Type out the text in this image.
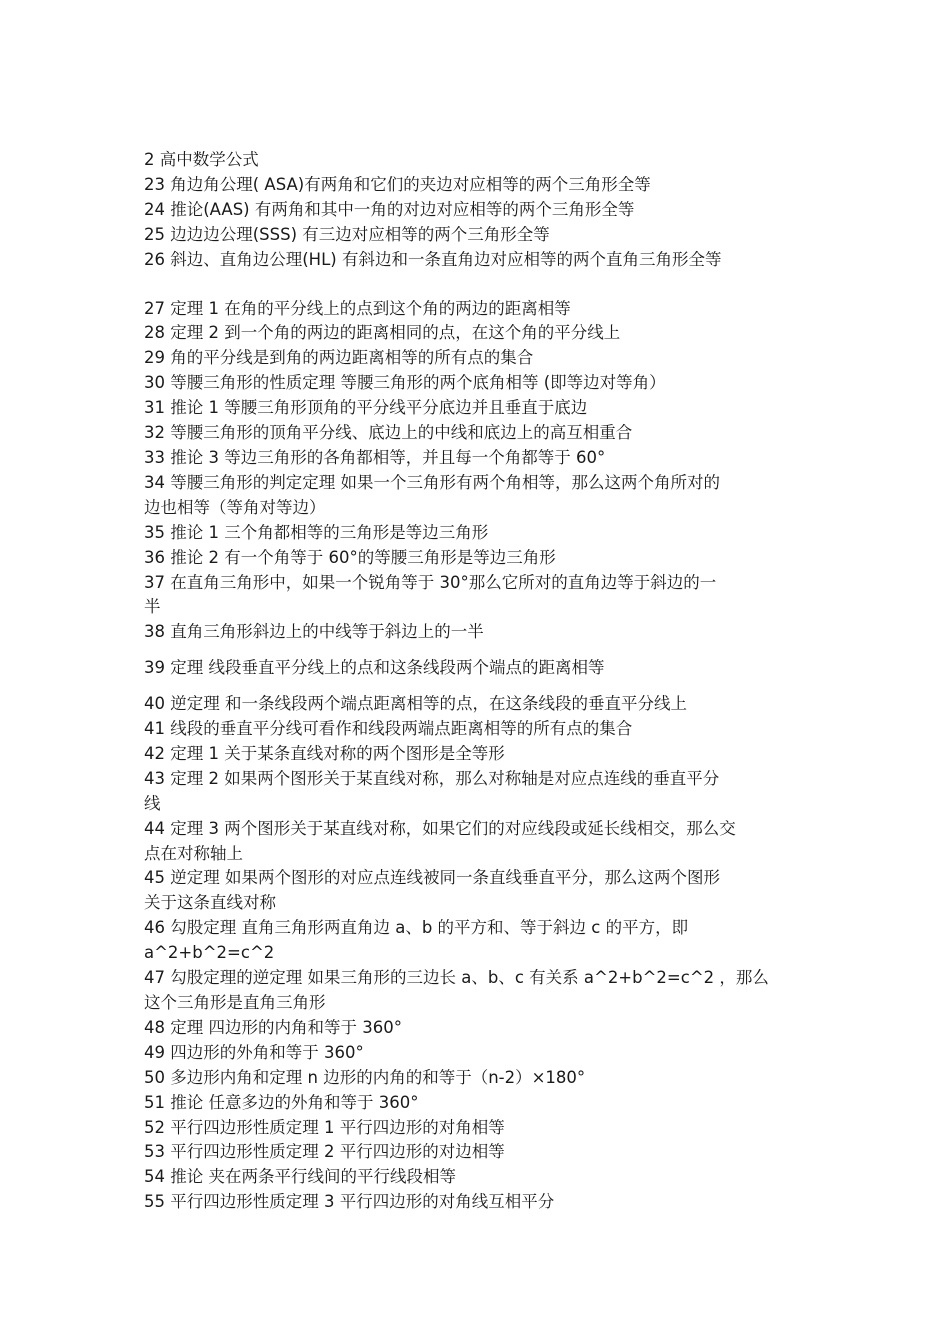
2 高中数学公式

23 角边角公理( ASA)有两角和它们的夹边对应相等的两个三角形全等

24 推论(AAS) 有两角和其中一角的对边对应相等的两个三角形全等

25 边边边公理(SSS) 有三边对应相等的两个三角形全等

26 斜边、直角边公理(HL) 有斜边和一条直角边对应相等的两个直角三角形全等

27 定理 1 在角的平分线上的点到这个角的两边的距离相等

28 定理 2 到一个角的两边的距离相同的点，在这个角的平分线上

29 角的平分线是到角的两边距离相等的所有点的集合

30 等腰三角形的性质定理 等腰三角形的两个底角相等 (即等边对等角）

31 推论 1 等腰三角形顶角的平分线平分底边并且垂直于底边

32 等腰三角形的顶角平分线、底边上的中线和底边上的高互相重合

33 推论 3 等边三角形的各角都相等，并且每一个角都等于 60°

34 等腰三角形的判定定理 如果一个三角形有两个角相等，那么这两个角所对的

边也相等（等角对等边）

35 推论 1 三个角都相等的三角形是等边三角形

36 推论 2 有一个角等于 60°的等腰三角形是等边三角形

37 在直角三角形中，如果一个锐角等于 30°那么它所对的直角边等于斜边的一

半

38 直角三角形斜边上的中线等于斜边上的一半

39 定理 线段垂直平分线上的点和这条线段两个端点的距离相等

40 逆定理 和一条线段两个端点距离相等的点，在这条线段的垂直平分线上

41 线段的垂直平分线可看作和线段两端点距离相等的所有点的集合

42 定理 1 关于某条直线对称的两个图形是全等形

43 定理 2 如果两个图形关于某直线对称，那么对称轴是对应点连线的垂直平分

线

44 定理 3 两个图形关于某直线对称，如果它们的对应线段或延长线相交，那么交

点在对称轴上

45 逆定理 如果两个图形的对应点连线被同一条直线垂直平分，那么这两个图形

关于这条直线对称

46 勾股定理 直角三角形两直角边 a、b 的平方和、等于斜边 c 的平方，即

a^2+b^2=c^2

47 勾股定理的逆定理 如果三角形的三边长 a、b、c 有关系 a^2+b^2=c^2 ，那么

这个三角形是直角三角形

48 定理 四边形的内角和等于 360°

49 四边形的外角和等于 360°

50 多边形内角和定理 n 边形的内角的和等于（n-2）×180°

51 推论 任意多边的外角和等于 360°

52 平行四边形性质定理 1 平行四边形的对角相等

53 平行四边形性质定理 2 平行四边形的对边相等

54 推论 夹在两条平行线间的平行线段相等

55 平行四边形性质定理 3 平行四边形的对角线互相平分
